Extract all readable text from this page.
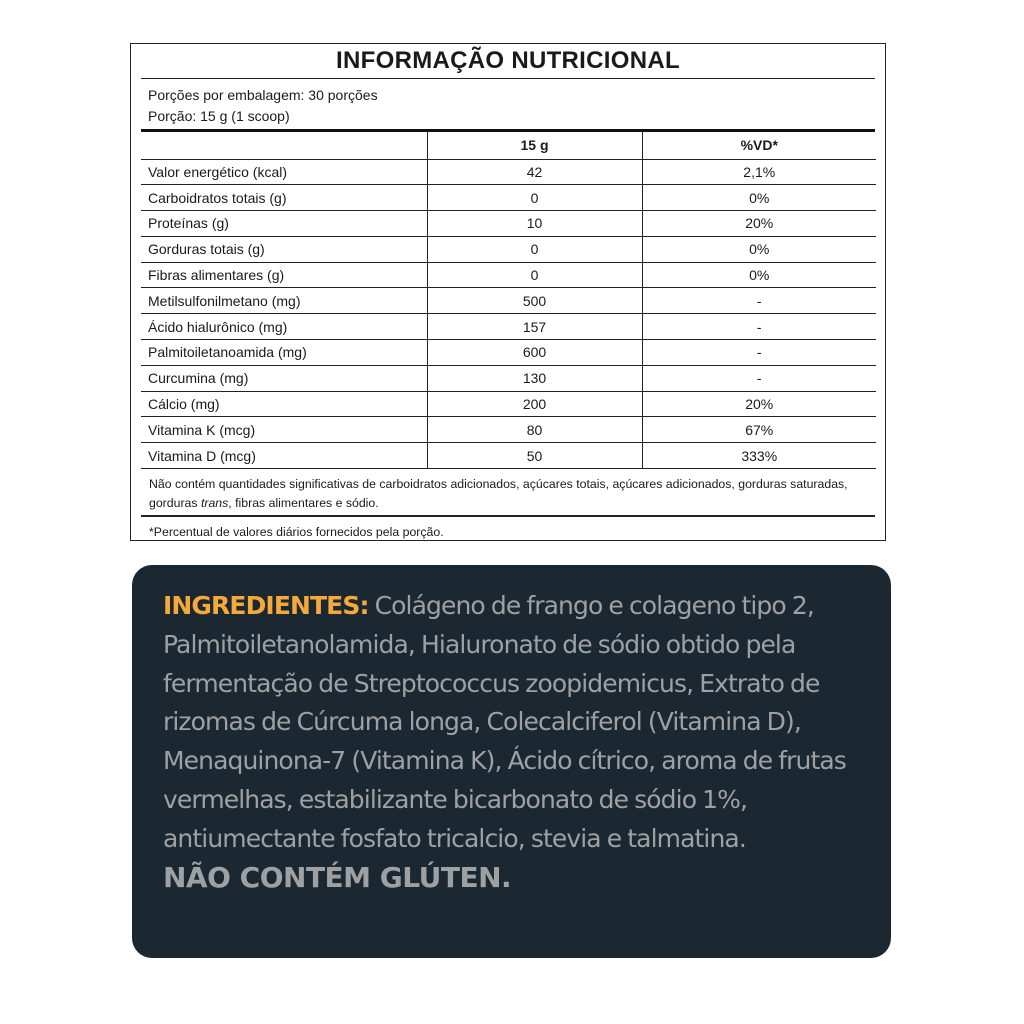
INFORMAÇÃO NUTRICIONAL
Porções por embalagem: 30 porções
Porção: 15 g (1 scoop)
	15 g	%VD*
Valor energético (kcal)	42	2,1%
Carboidratos totais (g)	0	0%
Proteínas (g)	10	20%
Gorduras totais (g)	0	0%
Fibras alimentares (g)	0	0%
Metilsulfonilmetano (mg)	500	-
Ácido hialurônico (mg)	157	-
Palmitoiletanoamida (mg)	600	-
Curcumina (mg)	130	-
Cálcio (mg)	200	20%
Vitamina K (mcg)	80	67%
Vitamina D (mcg)	50	333%
Não contém quantidades significativas de carboidratos adicionados, açúcares totais, açúcares adicionados, gorduras saturadas, gorduras trans, fibras alimentares e sódio.
*Percentual de valores diários fornecidos pela porção.
INGREDIENTES: Colágeno de frango e colageno tipo 2, Palmitoiletanolamida, Hialuronato de sódio obtido pela fermentação de Streptococcus zoopidemicus, Extrato de rizomas de Cúrcuma longa, Colecalciferol (Vitamina D), Menaquinona-7 (Vitamina K), Ácido cítrico, aroma de frutas vermelhas, estabilizante bicarbonato de sódio 1%, antiumectante fosfato tricalcio, stevia e talmatina.
NÃO CONTÉM GLÚTEN.
